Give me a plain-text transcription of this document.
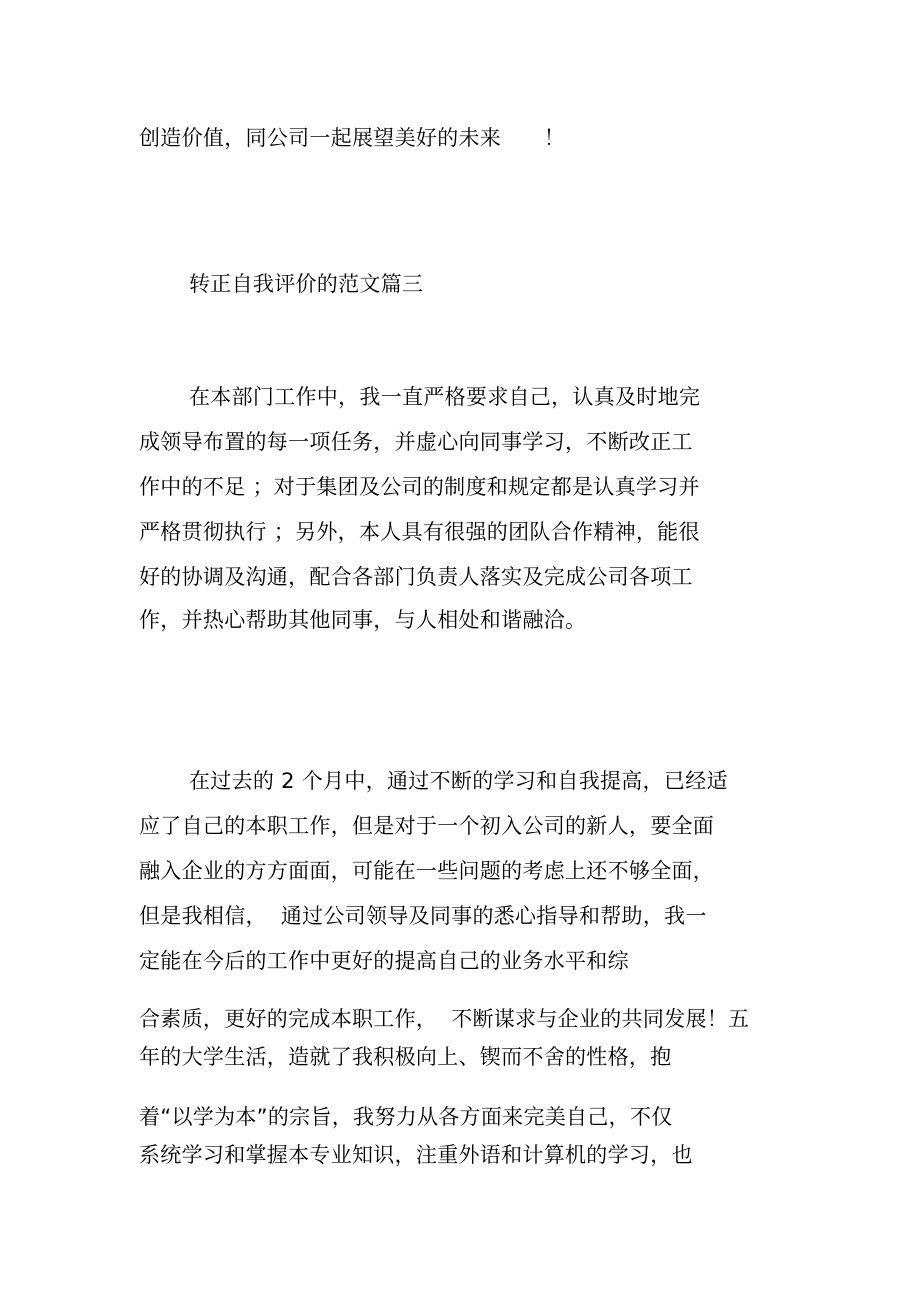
创造价值，同公司一起展望美好的未来　　！
转正自我评价的范文篇三
在本部门工作中，我一直严格要求自己，认真及时地完
成领导布置的每一项任务，并虚心向同事学习，不断改正工
作中的不足 ；对于集团及公司的制度和规定都是认真学习并
严格贯彻执行 ；另外，本人具有很强的团队合作精神，能很
好的协调及沟通，配合各部门负责人落实及完成公司各项工
作，并热心帮助其他同事，与人相处和谐融洽。
在过去的 2 个月中，通过不断的学习和自我提高，已经适
应了自己的本职工作，但是对于一个初入公司的新人，要全面
融入企业的方方面面，可能在一些问题的考虑上还不够全面，
但是我相信，  通过公司领导及同事的悉心指导和帮助，我一
定能在今后的工作中更好的提高自己的业务水平和综
合素质，更好的完成本职工作，  不断谋求与企业的共同发展！五
年的大学生活，造就了我积极向上、锲而不舍的性格，抱
着“以学为本”的宗旨，我努力从各方面来完美自己，不仅
系统学习和掌握本专业知识，注重外语和计算机的学习，也
